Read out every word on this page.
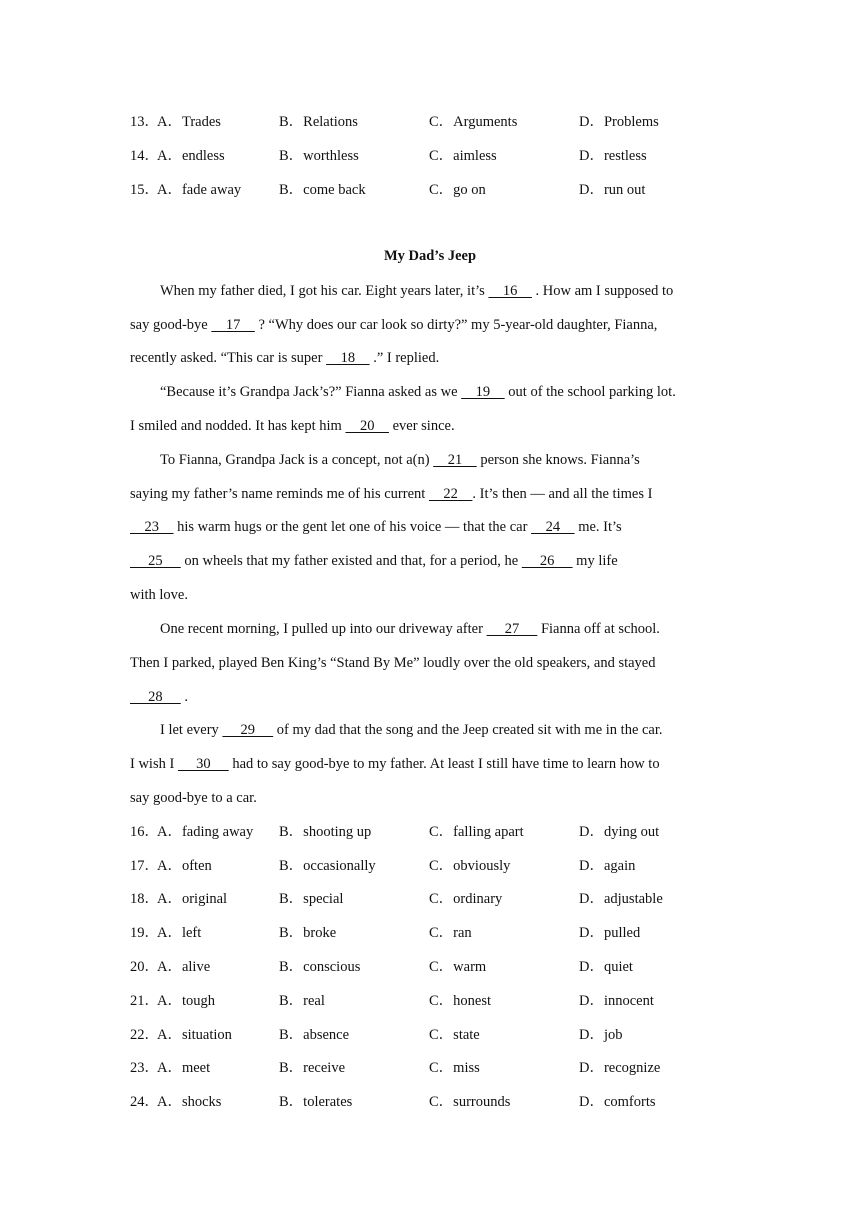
13．
A．Trades	B．Relations	C．Arguments	D．Problems
14．
A．endless	B．worthless	C．aimless	D．restless
15．
A．fade away	B．come back	C．go on	D．run out
My Dad’s Jeep
When my father died, I got his car. Eight years later, it’s     16     . How am I supposed to
say good-bye     17     ? “Why does our car look so dirty?” my 5-year-old daughter, Fianna,
recently asked. “This car is super     18     .” I replied.
“Because it’s Grandpa Jack’s?” Fianna asked as we     19     out of the school parking lot.
I smiled and nodded. It has kept him     20     ever since.
To Fianna, Grandpa Jack is a concept, not a(n)     21     person she knows. Fianna’s
saying my father’s name reminds me of his current     22    . It’s then — and all the times I
23     his warm hugs or the gent let one of his voice — that the car     24     me. It’s
25      on wheels that my father existed and that, for a period, he      26      my life
with love.
One recent morning, I pulled up into our driveway after      27      Fianna off at school.
Then I parked, played Ben King’s “Stand By Me” loudly over the old speakers, and stayed
28      .
I let every      29      of my dad that the song and the Jeep created sit with me in the car.
I wish I      30      had to say good-bye to my father. At least I still have time to learn how to
say good-bye to a car.
16．
A．fading away B．shooting up	C．falling apart	D．dying out
17．
A．often	B．occasionally	C．obviously	D．again
18．
A．original	B．special	C．ordinary	D．adjustable
19．
A．left	B．broke	C．ran	D．pulled
20．
A．alive	B．conscious	C．warm	D．quiet
21．
A．tough	B．real	C．honest	D．innocent
22．
A．situation	B．absence	C．state	D．job
23．
A．meet	B．receive	C．miss	D．recognize
24．
A．shocks	B．tolerates	C．surrounds	D．comforts
